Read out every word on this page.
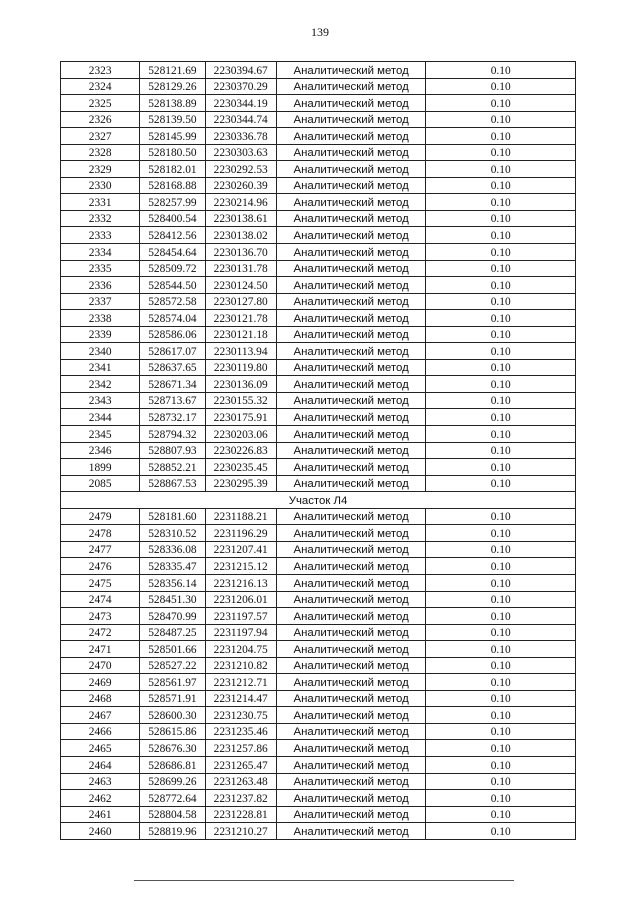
139
2323	528121.69	2230394.67	Аналитический метод	0.10
2324	528129.26	2230370.29	Аналитический метод	0.10
2325	528138.89	2230344.19	Аналитический метод	0.10
2326	528139.50	2230344.74	Аналитический метод	0.10
2327	528145.99	2230336.78	Аналитический метод	0.10
2328	528180.50	2230303.63	Аналитический метод	0.10
2329	528182.01	2230292.53	Аналитический метод	0.10
2330	528168.88	2230260.39	Аналитический метод	0.10
2331	528257.99	2230214.96	Аналитический метод	0.10
2332	528400.54	2230138.61	Аналитический метод	0.10
2333	528412.56	2230138.02	Аналитический метод	0.10
2334	528454.64	2230136.70	Аналитический метод	0.10
2335	528509.72	2230131.78	Аналитический метод	0.10
2336	528544.50	2230124.50	Аналитический метод	0.10
2337	528572.58	2230127.80	Аналитический метод	0.10
2338	528574.04	2230121.78	Аналитический метод	0.10
2339	528586.06	2230121.18	Аналитический метод	0.10
2340	528617.07	2230113.94	Аналитический метод	0.10
2341	528637.65	2230119.80	Аналитический метод	0.10
2342	528671.34	2230136.09	Аналитический метод	0.10
2343	528713.67	2230155.32	Аналитический метод	0.10
2344	528732.17	2230175.91	Аналитический метод	0.10
2345	528794.32	2230203.06	Аналитический метод	0.10
2346	528807.93	2230226.83	Аналитический метод	0.10
1899	528852.21	2230235.45	Аналитический метод	0.10
2085	528867.53	2230295.39	Аналитический метод	0.10
Участок Л4				
2479	528181.60	2231188.21	Аналитический метод	0.10
2478	528310.52	2231196.29	Аналитический метод	0.10
2477	528336.08	2231207.41	Аналитический метод	0.10
2476	528335.47	2231215.12	Аналитический метод	0.10
2475	528356.14	2231216.13	Аналитический метод	0.10
2474	528451.30	2231206.01	Аналитический метод	0.10
2473	528470.99	2231197.57	Аналитический метод	0.10
2472	528487.25	2231197.94	Аналитический метод	0.10
2471	528501.66	2231204.75	Аналитический метод	0.10
2470	528527.22	2231210.82	Аналитический метод	0.10
2469	528561.97	2231212.71	Аналитический метод	0.10
2468	528571.91	2231214.47	Аналитический метод	0.10
2467	528600.30	2231230.75	Аналитический метод	0.10
2466	528615.86	2231235.46	Аналитический метод	0.10
2465	528676.30	2231257.86	Аналитический метод	0.10
2464	528686.81	2231265.47	Аналитический метод	0.10
2463	528699.26	2231263.48	Аналитический метод	0.10
2462	528772.64	2231237.82	Аналитический метод	0.10
2461	528804.58	2231228.81	Аналитический метод	0.10
2460	528819.96	2231210.27	Аналитический метод	0.10
